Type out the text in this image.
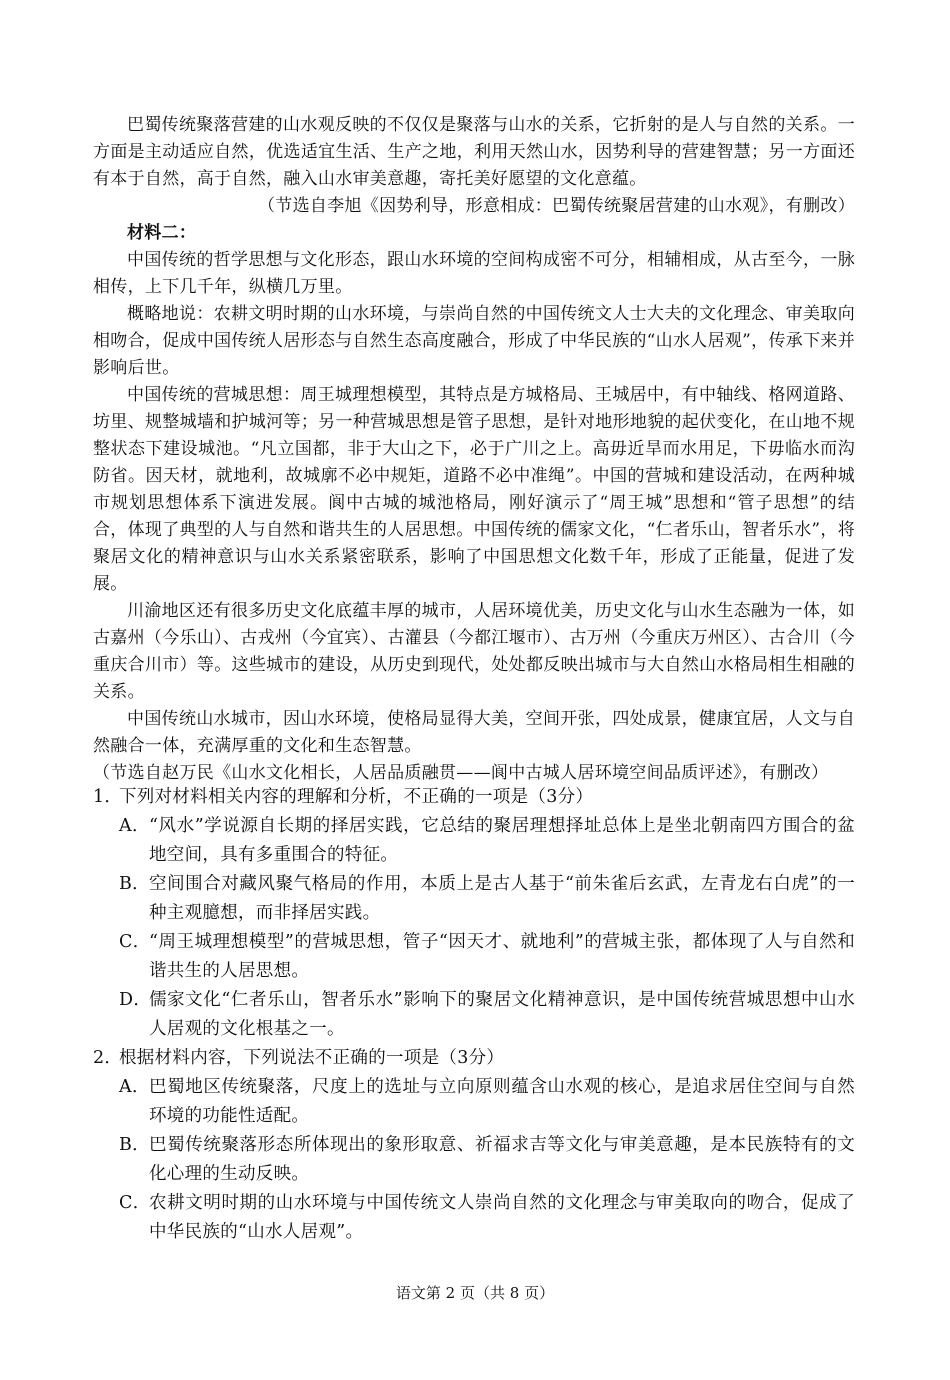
巴蜀传统聚落营建的山水观反映的不仅仅是聚落与山水的关系，它折射的是人与自然的关系。一方面是主动适应自然，优选适宜生活、生产之地，利用天然山水，因势利导的营建智慧；另一方面还有本于自然，高于自然，融入山水审美意趣，寄托美好愿望的文化意蕴。

（节选自李旭《因势利导，形意相成：巴蜀传统聚居营建的山水观》，有删改）

材料二：

中国传统的哲学思想与文化形态，跟山水环境的空间构成密不可分，相辅相成，从古至今，一脉相传，上下几千年，纵横几万里。

概略地说：农耕文明时期的山水环境，与崇尚自然的中国传统文人士大夫的文化理念、审美取向相吻合，促成中国传统人居形态与自然生态高度融合，形成了中华民族的“山水人居观”，传承下来并影响后世。

中国传统的营城思想：周王城理想模型，其特点是方城格局、王城居中，有中轴线、格网道路、坊里、规整城墙和护城河等；另一种营城思想是管子思想，是针对地形地貌的起伏变化，在山地不规整状态下建设城池。“凡立国都，非于大山之下，必于广川之上。高毋近旱而水用足，下毋临水而沟防省。因天材，就地利，故城廓不必中规矩，道路不必中准绳”。中国的营城和建设活动，在两种城市规划思想体系下演进发展。阆中古城的城池格局，刚好演示了“周王城”思想和“管子思想”的结合，体现了典型的人与自然和谐共生的人居思想。中国传统的儒家文化，“仁者乐山，智者乐水”，将聚居文化的精神意识与山水关系紧密联系，影响了中国思想文化数千年，形成了正能量，促进了发展。

川渝地区还有很多历史文化底蕴丰厚的城市，人居环境优美，历史文化与山水生态融为一体，如古嘉州（今乐山）、古戎州（今宜宾）、古灌县（今都江堰市）、古万州（今重庆万州区）、古合川（今重庆合川市）等。这些城市的建设，从历史到现代，处处都反映出城市与大自然山水格局相生相融的关系。

中国传统山水城市，因山水环境，使格局显得大美，空间开张，四处成景，健康宜居，人文与自然融合一体，充满厚重的文化和生态智慧。

（节选自赵万民《山水文化相长，人居品质融贯——阆中古城人居环境空间品质评述》，有删改）

1．
下列对材料相关内容的理解和分析，不正确的一项是（3分）

A． “风水”学说源自长期的择居实践，它总结的聚居理想择址总体上是坐北朝南四方围合的盆地空间，具有多重围合的特征。

B． 空间围合对藏风聚气格局的作用，本质上是古人基于“前朱雀后玄武，左青龙右白虎”的一种主观臆想，而非择居实践。

C．
“周王城理想模型”的营城思想，管子“因天才、就地利”的营城主张，都体现了人与自然和谐共生的人居思想。

D．
儒家文化“仁者乐山，智者乐水”影响下的聚居文化精神意识，是中国传统营城思想中山水人居观的文化根基之一。

2．
根据材料内容，下列说法不正确的一项是（3分）

A． 巴蜀地区传统聚落，尺度上的选址与立向原则蕴含山水观的核心，是追求居住空间与自然环境的功能性适配。

B． 巴蜀传统聚落形态所体现出的象形取意、祈福求吉等文化与审美意趣，是本民族特有的文化心理的生动反映。

C．
农耕文明时期的山水环境与中国传统文人崇尚自然的文化理念与审美取向的吻合，促成了中华民族的“山水人居观”。

语文第 2 页（共 8 页）
